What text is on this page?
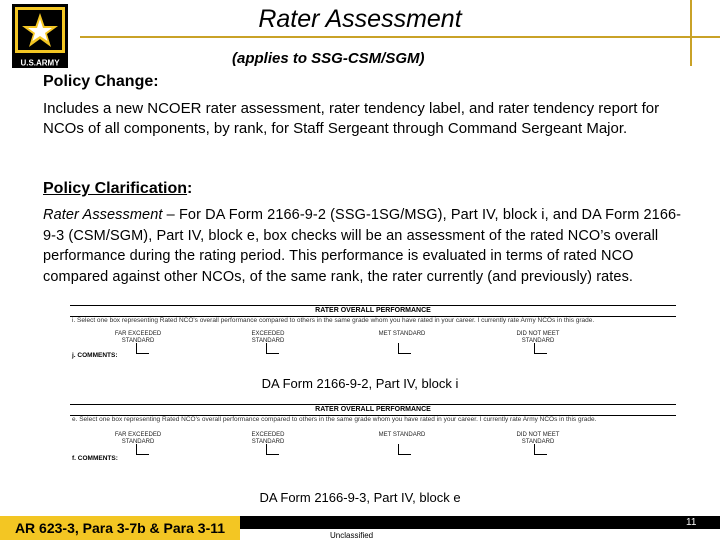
U.S.ARMY
Rater Assessment
(applies to SSG-CSM/SGM)
Policy Change:
Includes a new NCOER rater assessment, rater tendency label, and rater tendency report for NCOs of all components, by rank, for Staff Sergeant through Command Sergeant Major.
Policy Clarification:
Rater Assessment – For DA Form 2166-9-2 (SSG-1SG/MSG), Part IV, block i, and DA Form 2166-9-3 (CSM/SGM), Part IV, block e, box checks will be an assessment of the rated NCO’s overall performance during the rating period. This performance is evaluated in terms of rated NCO compared against other NCOs, of the same rank, the rater currently (and previously) rates.
RATER OVERALL PERFORMANCE
i. Select one box representing Rated NCO's overall performance compared to others in the same grade whom you have rated in your career. I currently rate Army NCOs in this grade.
FAR EXCEEDED STANDARD
EXCEEDED STANDARD
MET STANDARD	DID NOT MEET STANDARD
j. COMMENTS:
DA Form 2166-9-2, Part IV, block i
RATER OVERALL PERFORMANCE
e. Select one box representing Rated NCO's overall performance compared to others in the same grade whom you have rated in your career. I currently rate Army NCOs in this grade.
FAR EXCEEDED STANDARD
EXCEEDED STANDARD
MET STANDARD	DID NOT MEET STANDARD
f. COMMENTS:
DA Form 2166-9-3, Part IV, block e
AR 623-3, Para 3-7b & Para 3-11	Unclassified
11
